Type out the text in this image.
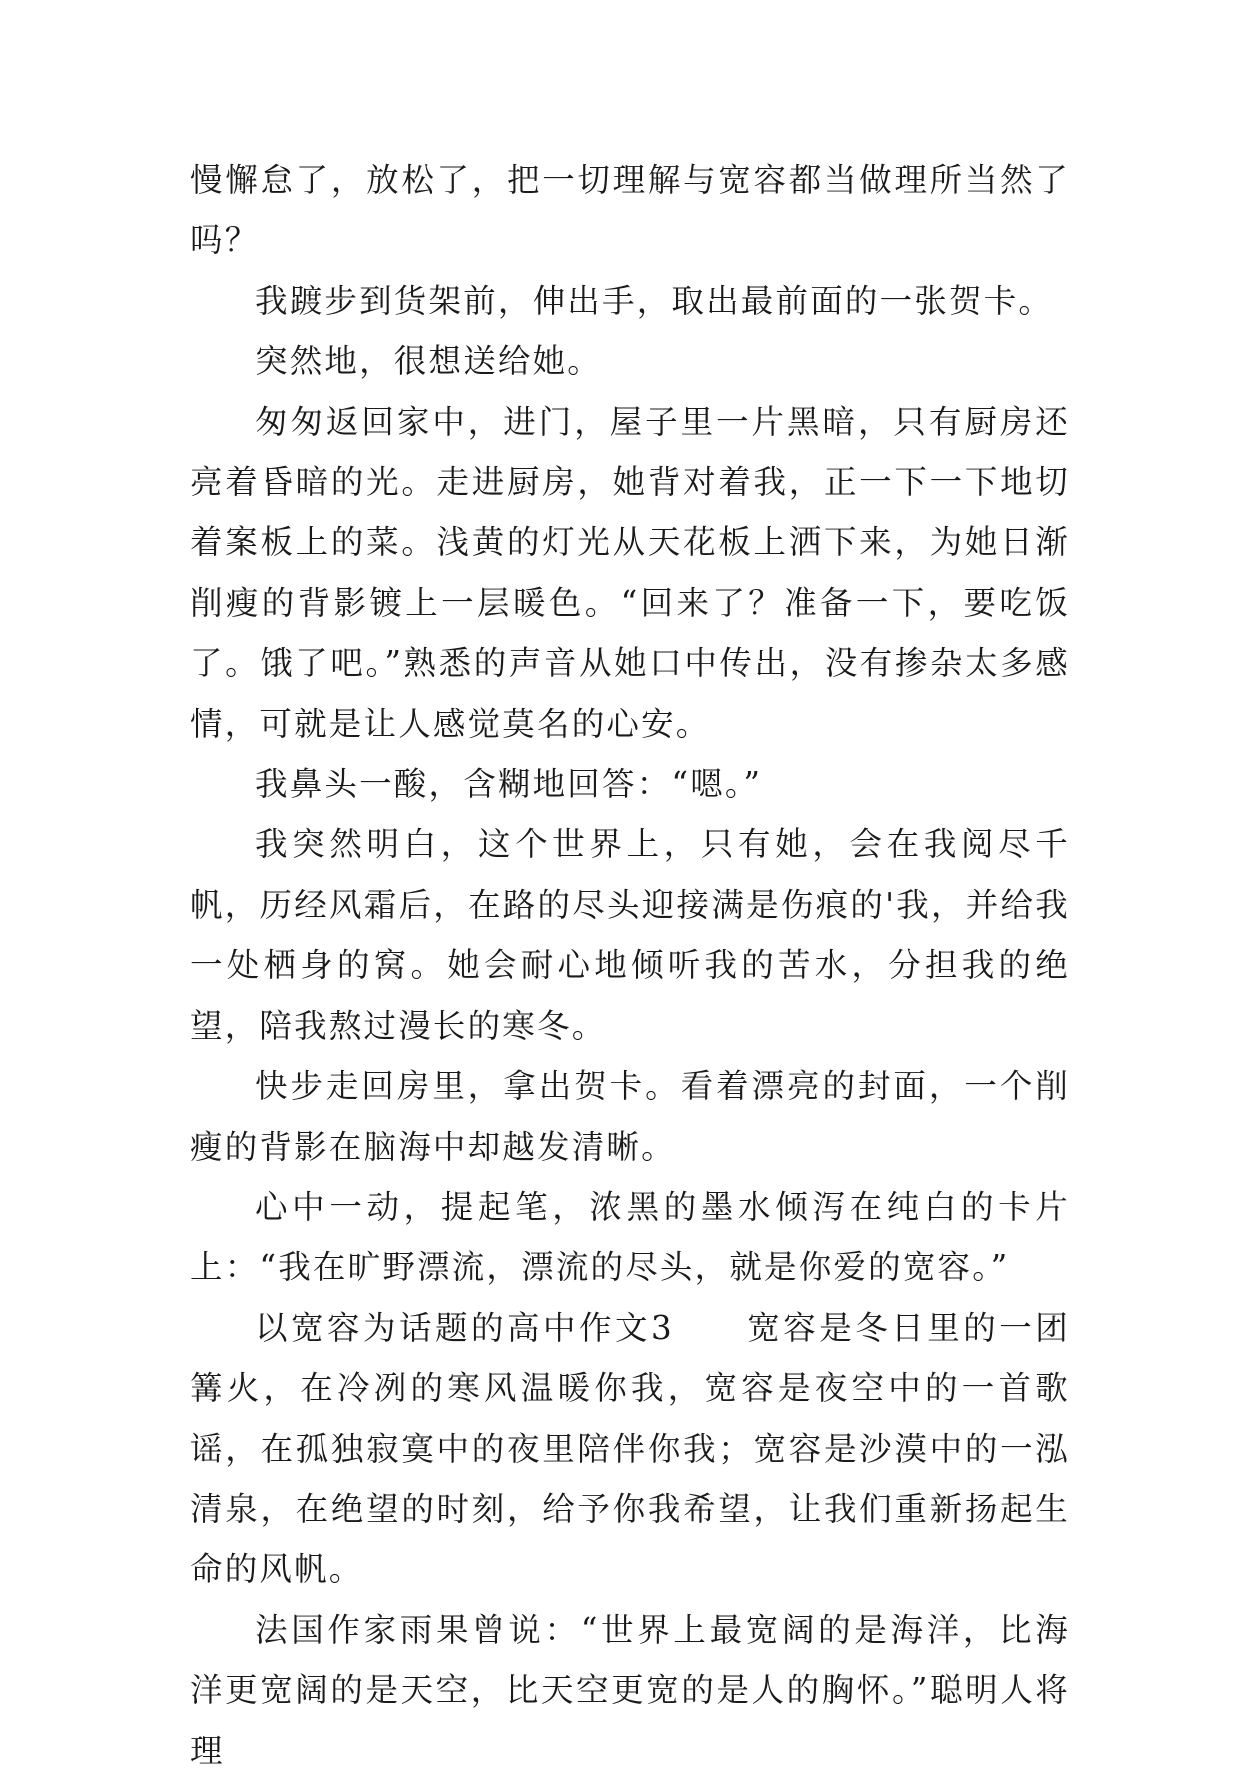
慢懈怠了，放松了，把一切理解与宽容都当做理所当然了吗？

我踱步到货架前，伸出手，取出最前面的一张贺卡。

突然地，很想送给她。

匆匆返回家中，进门，屋子里一片黑暗，只有厨房还亮着昏暗的光。走进厨房，她背对着我，正一下一下地切着案板上的菜。浅黄的灯光从天花板上洒下来，为她日渐削瘦的背影镀上一层暖色。“回来了？准备一下，要吃饭了。饿了吧。”熟悉的声音从她口中传出，没有掺杂太多感情，可就是让人感觉莫名的心安。

我鼻头一酸，含糊地回答：“嗯。”

我突然明白，这个世界上，只有她，会在我阅尽千帆，历经风霜后，在路的尽头迎接满是伤痕的'我，并给我一处栖身的窝。她会耐心地倾听我的苦水，分担我的绝望，陪我熬过漫长的寒冬。

快步走回房里，拿出贺卡。看着漂亮的封面，一个削瘦的背影在脑海中却越发清晰。

心中一动，提起笔，浓黑的墨水倾泻在纯白的卡片上：“我在旷野漂流，漂流的尽头，就是你爱的宽容。”

以宽容为话题的高中作文3　　宽容是冬日里的一团篝火，在冷冽的寒风温暖你我，宽容是夜空中的一首歌谣，在孤独寂寞中的夜里陪伴你我；宽容是沙漠中的一泓清泉，在绝望的时刻，给予你我希望，让我们重新扬起生命的风帆。

法国作家雨果曾说：“世界上最宽阔的是海洋，比海洋更宽阔的是天空，比天空更宽的是人的胸怀。”聪明人将理
